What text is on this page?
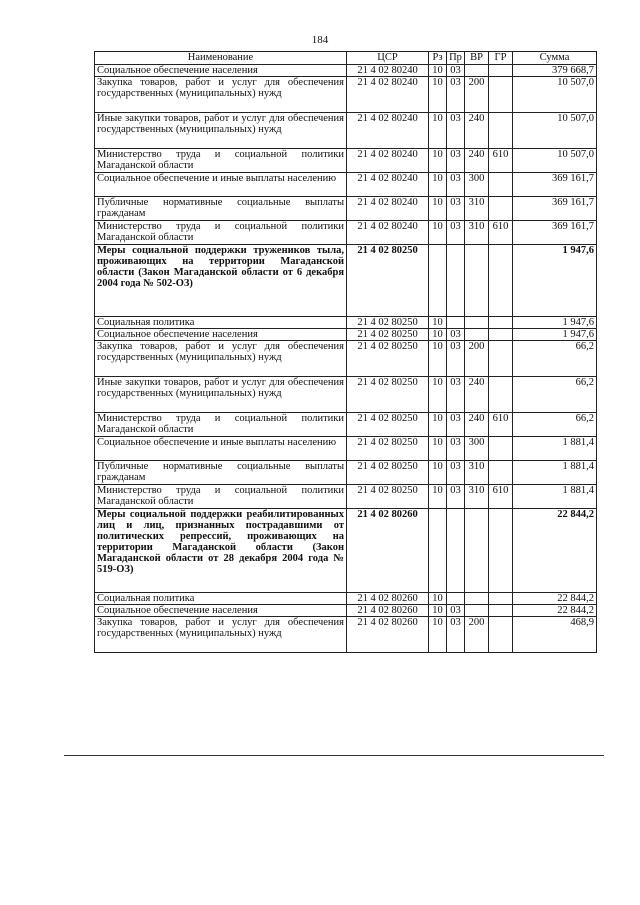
184
Наименование	ЦСР	Рз	Пр	ВР	ГР	Сумма
Социальное обеспечение населения	21 4 02 80240	10	03			379 668,7
Закупка товаров, работ и услуг для обеспечения государственных (муниципальных) нужд	21 4 02 80240	10	03	200		10 507,0
Иные закупки товаров, работ и услуг для обеспечения государственных (муниципальных) нужд	21 4 02 80240	10	03	240		10 507,0
Министерство труда и социальной политики Магаданской области	21 4 02 80240	10	03	240	610	10 507,0
Социальное обеспечение и иные выплаты населению	21 4 02 80240	10	03	300		369 161,7
Публичные нормативные социальные выплаты гражданам	21 4 02 80240	10	03	310		369 161,7
Министерство труда и социальной политики Магаданской области	21 4 02 80240	10	03	310	610	369 161,7
Меры социальной поддержки тружеников тыла, проживающих на территории Магаданской области (Закон Магаданской области от 6 декабря 2004 года № 502-ОЗ)	21 4 02 80250					1 947,6
Социальная политика	21 4 02 80250	10				1 947,6
Социальное обеспечение населения	21 4 02 80250	10	03			1 947,6
Закупка товаров, работ и услуг для обеспечения государственных (муниципальных) нужд	21 4 02 80250	10	03	200		66,2
Иные закупки товаров, работ и услуг для обеспечения государственных (муниципальных) нужд	21 4 02 80250	10	03	240		66,2
Министерство труда и социальной политики Магаданской области	21 4 02 80250	10	03	240	610	66,2
Социальное обеспечение и иные выплаты населению	21 4 02 80250	10	03	300		1 881,4
Публичные нормативные социальные выплаты гражданам	21 4 02 80250	10	03	310		1 881,4
Министерство труда и социальной политики Магаданской области	21 4 02 80250	10	03	310	610	1 881,4
Меры социальной поддержки реабилитированных лиц и лиц, признанных пострадавшими от политических репрессий, проживающих на территории Магаданской области (Закон Магаданской области от 28 декабря 2004 года № 519-ОЗ)	21 4 02 80260					22 844,2
Социальная политика	21 4 02 80260	10				22 844,2
Социальное обеспечение населения	21 4 02 80260	10	03			22 844,2
Закупка товаров, работ и услуг для обеспечения государственных (муниципальных) нужд	21 4 02 80260	10	03	200		468,9
